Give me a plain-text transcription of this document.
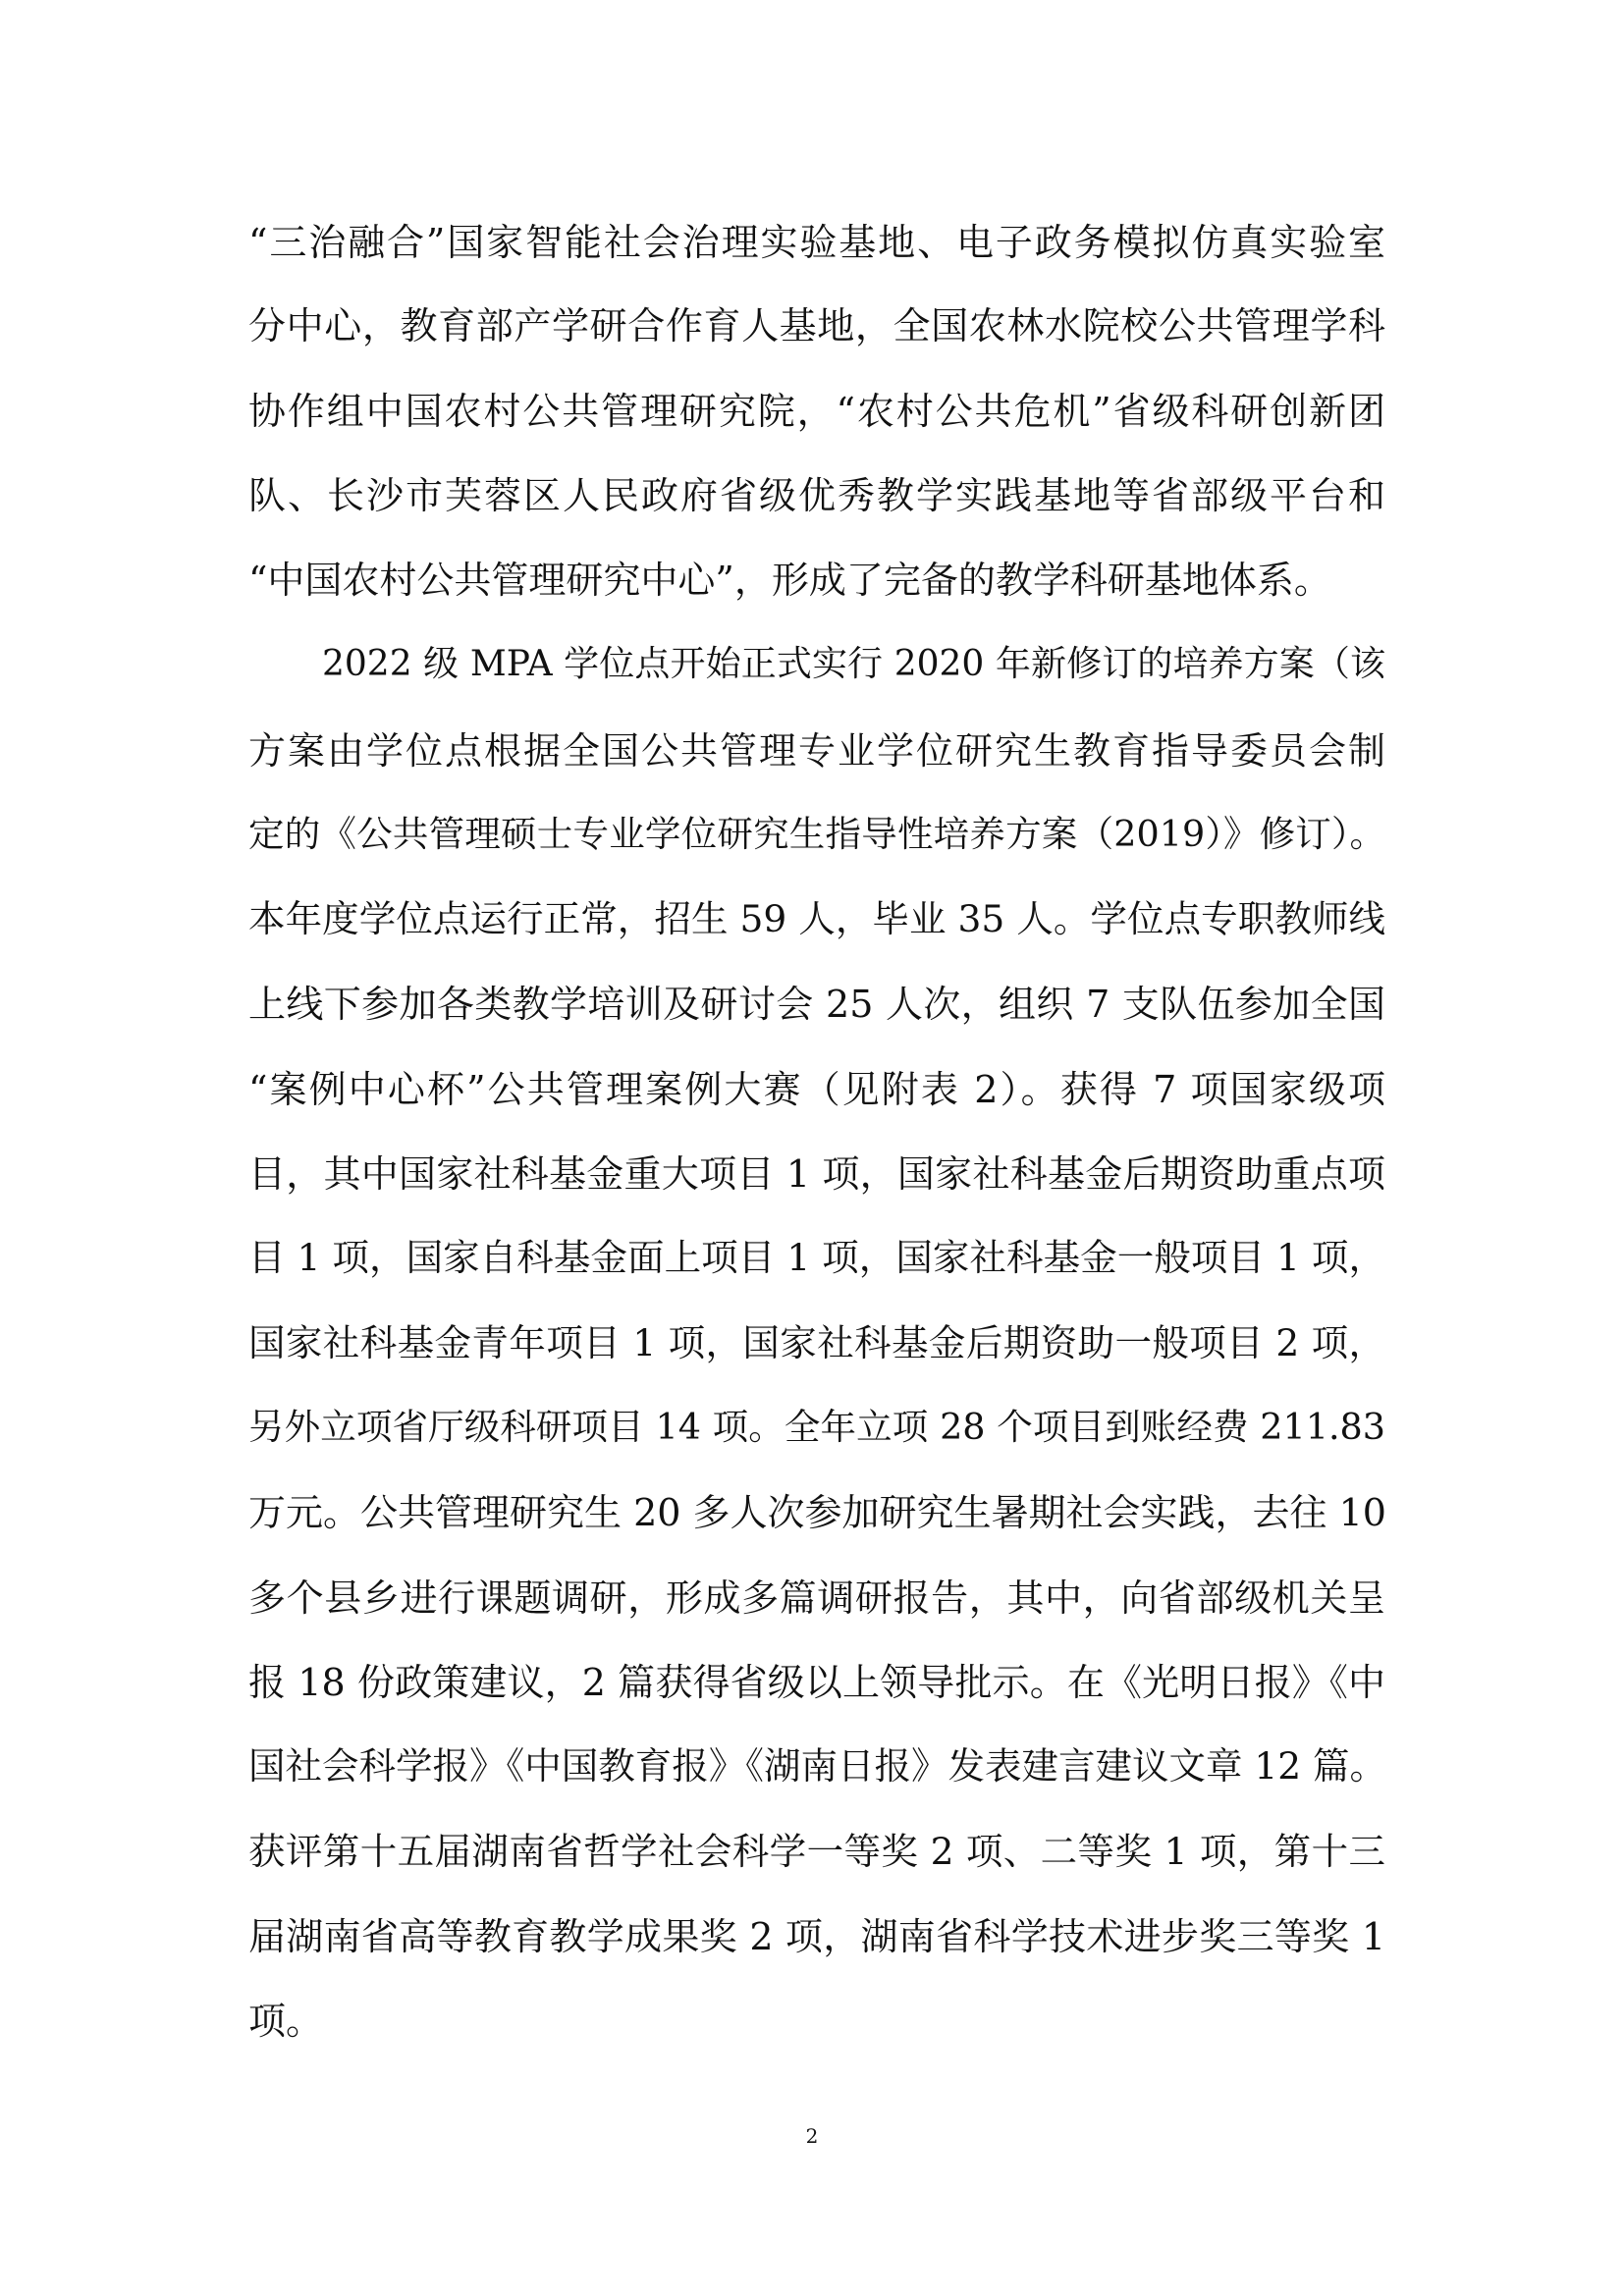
“三治融合”国家智能社会治理实验基地、电子政务模拟仿真实验室
分中心，教育部产学研合作育人基地，全国农林水院校公共管理学科
协作组中国农村公共管理研究院，“农村公共危机”省级科研创新团
队、长沙市芙蓉区人民政府省级优秀教学实践基地等省部级平台和
“中国农村公共管理研究中心”，形成了完备的教学科研基地体系。
2022 级 MPA 学位点开始正式实行 2020 年新修订的培养方案（该
方案由学位点根据全国公共管理专业学位研究生教育指导委员会制
定的《公共管理硕士专业学位研究生指导性培养方案（2019）》修订）。
本年度学位点运行正常，招生 59 人，毕业 35 人。学位点专职教师线
上线下参加各类教学培训及研讨会 25 人次，组织 7 支队伍参加全国
“案例中心杯”公共管理案例大赛（见附表 2）。获得 7 项国家级项
目，其中国家社科基金重大项目 1 项，国家社科基金后期资助重点项
目 1 项，国家自科基金面上项目 1 项，国家社科基金一般项目 1 项，
国家社科基金青年项目 1 项，国家社科基金后期资助一般项目 2 项，
另外立项省厅级科研项目 14 项。全年立项 28 个项目到账经费 211.83
万元。公共管理研究生 20 多人次参加研究生暑期社会实践，去往 10
多个县乡进行课题调研，形成多篇调研报告，其中，向省部级机关呈
报 18 份政策建议，2 篇获得省级以上领导批示。在《光明日报》《中
国社会科学报》《中国教育报》《湖南日报》发表建言建议文章 12 篇。
获评第十五届湖南省哲学社会科学一等奖 2 项、二等奖 1 项，第十三
届湖南省高等教育教学成果奖 2 项，湖南省科学技术进步奖三等奖 1
项。
2
